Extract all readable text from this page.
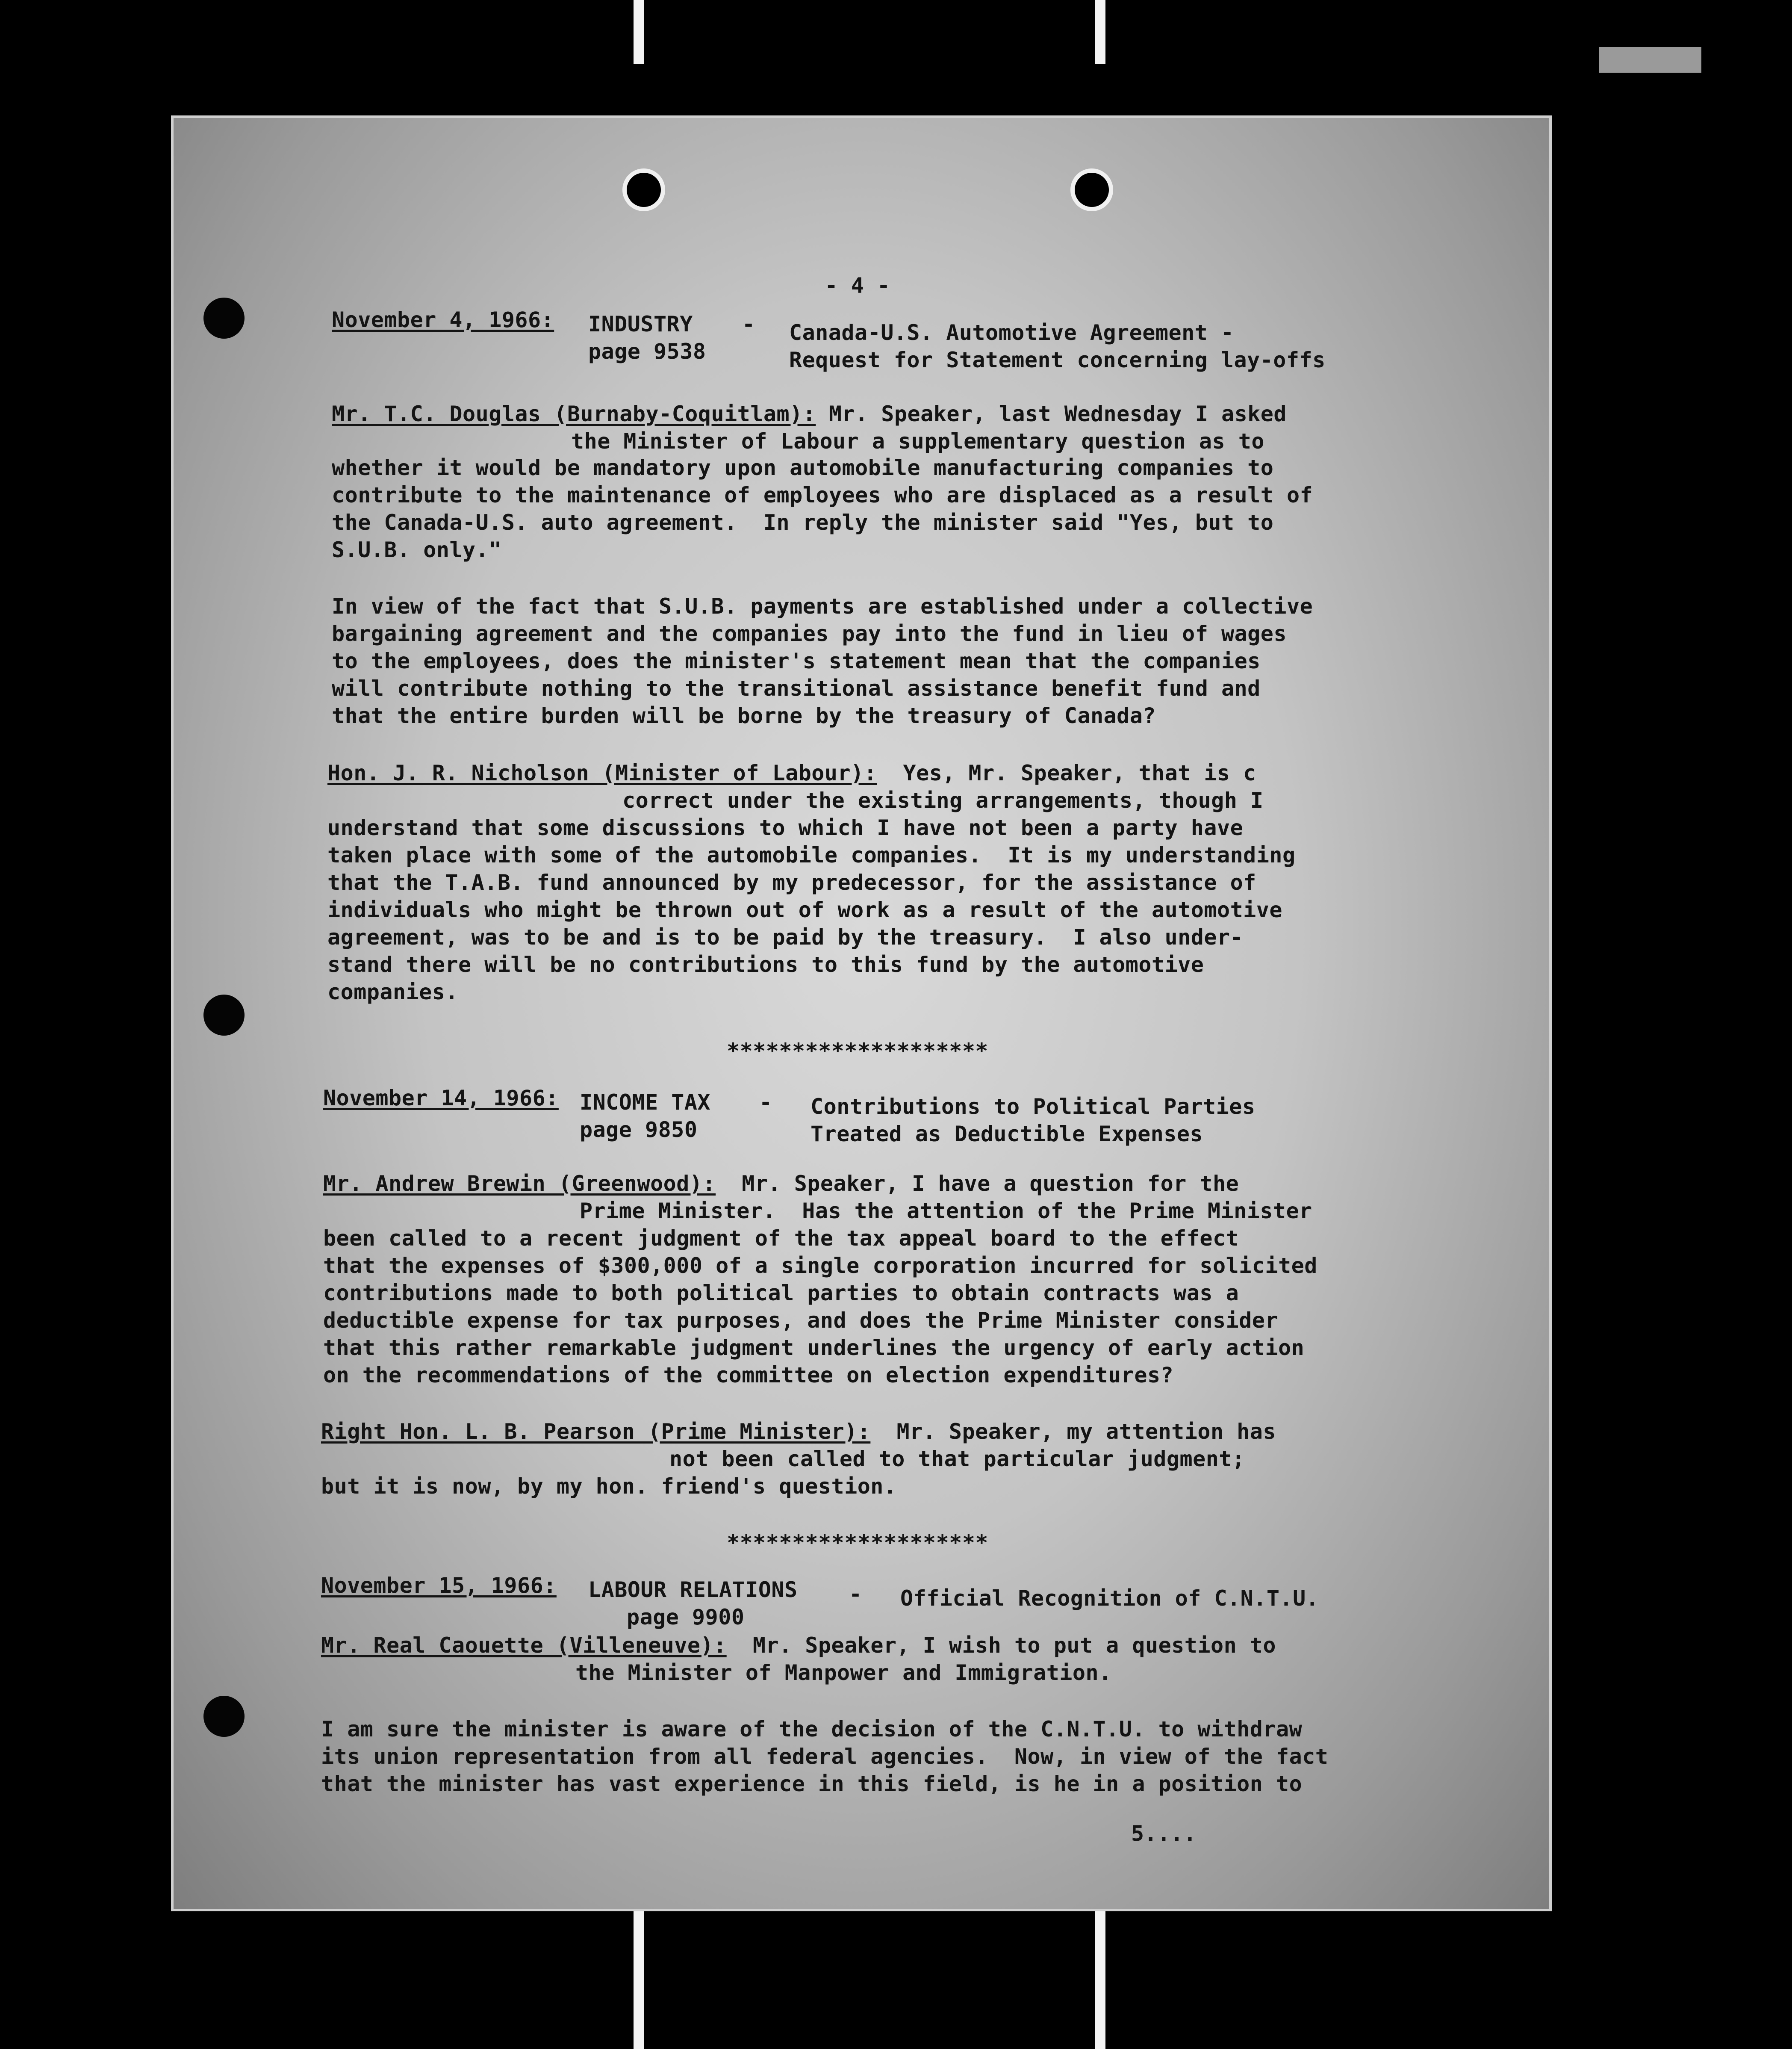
- 4 -
November 4, 1966: INDUSTRY
page 9538
- Canada-U.S. Automotive Agreement -
Request for Statement concerning lay-offs
Mr. T.C. Douglas (Burnaby-Coquitlam): Mr. Speaker, last Wednesday I asked
the Minister of Labour a supplementary question as to
whether it would be mandatory upon automobile manufacturing companies to
contribute to the maintenance of employees who are displaced as a result of
the Canada-U.S. auto agreement.  In reply the minister said "Yes, but to
S.U.B. only."
In view of the fact that S.U.B. payments are established under a collective
bargaining agreement and the companies pay into the fund in lieu of wages
to the employees, does the minister's statement mean that the companies
will contribute nothing to the transitional assistance benefit fund and
that the entire burden will be borne by the treasury of Canada?
Hon. J. R. Nicholson (Minister of Labour):  Yes, Mr. Speaker, that is c
correct under the existing arrangements, though I
understand that some discussions to which I have not been a party have
taken place with some of the automobile companies.  It is my understanding
that the T.A.B. fund announced by my predecessor, for the assistance of
individuals who might be thrown out of work as a result of the automotive
agreement, was to be and is to be paid by the treasury.  I also under-
stand there will be no contributions to this fund by the automotive
companies.
********************
November 14, 1966: INCOME TAX
page 9850
- Contributions to Political Parties
Treated as Deductible Expenses
Mr. Andrew Brewin (Greenwood):  Mr. Speaker, I have a question for the
Prime Minister.  Has the attention of the Prime Minister
been called to a recent judgment of the tax appeal board to the effect
that the expenses of $300,000 of a single corporation incurred for solicited
contributions made to both political parties to obtain contracts was a
deductible expense for tax purposes, and does the Prime Minister consider
that this rather remarkable judgment underlines the urgency of early action
on the recommendations of the committee on election expenditures?
Right Hon. L. B. Pearson (Prime Minister):  Mr. Speaker, my attention has
not been called to that particular judgment;
but it is now, by my hon. friend's question.
********************
November 15, 1966: LABOUR RELATIONS
page 9900
- Official Recognition of C.N.T.U.
Mr. Real Caouette (Villeneuve):  Mr. Speaker, I wish to put a question to
the Minister of Manpower and Immigration.
I am sure the minister is aware of the decision of the C.N.T.U. to withdraw
its union representation from all federal agencies.  Now, in view of the fact
that the minister has vast experience in this field, is he in a position to
5....
